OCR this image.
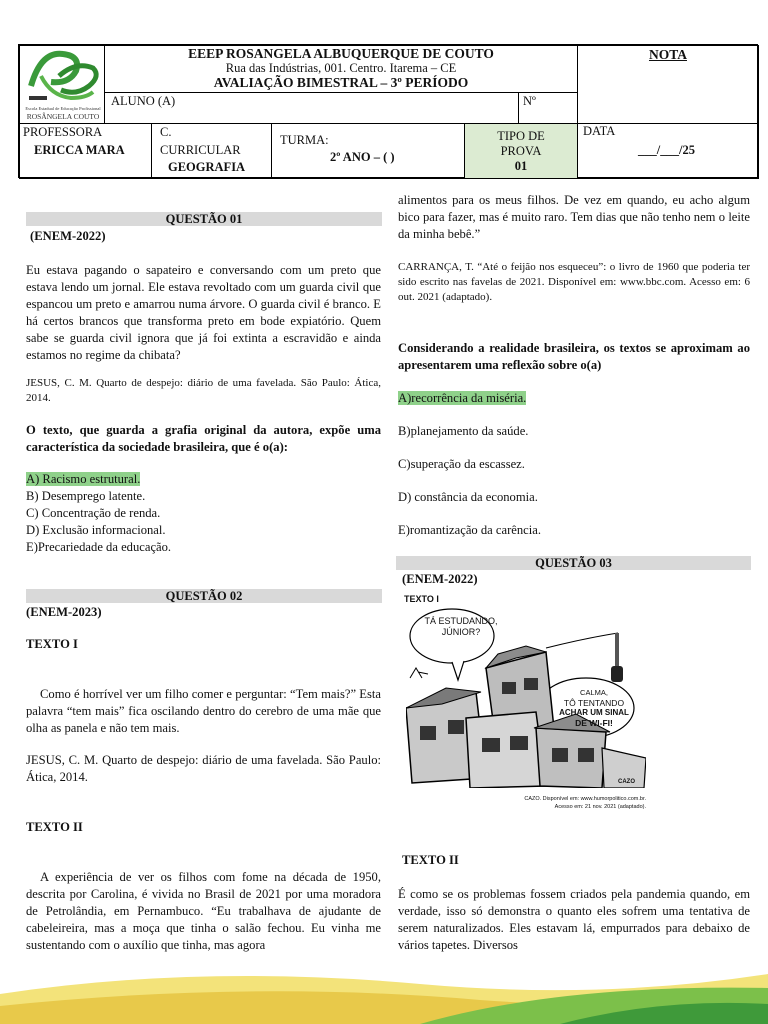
Escola Estadual de Educação Profissional
ROSÂNGELA COUTO
EEEP ROSANGELA ALBUQUERQUE DE COUTO
Rua das Indústrias, 001. Centro. Itarema – CE
AVALIAÇÃO BIMESTRAL – 3º PERÍODO
NOTA
ALUNO (A)	Nº
PROFESSORA
ERICCA MARA
C.
CURRICULAR
GEOGRAFIA
TURMA:
2º ANO – ( )
TIPO DE
PROVA
01
DATA
___/___/25
QUESTÃO 01
(ENEM-2022)
Eu estava pagando o sapateiro e conversando com um preto que estava lendo um jornal. Ele estava revoltado com um guarda civil que espancou um preto e amarrou numa árvore. O guarda civil é branco. E há certos brancos que transforma preto em bode expiatório. Quem sabe se guarda civil ignora que já foi extinta a escravidão e ainda estamos no regime da chibata?
JESUS, C. M. Quarto de despejo: diário de uma favelada. São Paulo: Ática, 2014.
O texto, que guarda a grafia original da autora, expõe uma característica da sociedade brasileira, que é o(a):
A) Racismo estrutural.
B) Desemprego latente.
C) Concentração de renda.
D) Exclusão informacional.
E)Precariedade da educação.
QUESTÃO 02
(ENEM-2023)
TEXTO I
Como é horrível ver um filho comer e perguntar: “Tem mais?” Esta palavra “tem mais” fica oscilando dentro do cerebro de uma mãe que olha as panela e não tem mais.
JESUS, C. M. Quarto de despejo: diário de uma favelada. São Paulo: Ática, 2014.
TEXTO II
A experiência de ver os filhos com fome na década de 1950, descrita por Carolina, é vivida no Brasil de 2021 por uma moradora de Petrolândia, em Pernambuco. “Eu trabalhava de ajudante de cabeleireira, mas a moça que tinha o salão fechou. Eu vinha me sustentando com o auxílio que tinha, mas agora
alimentos para os meus filhos. De vez em quando, eu acho algum bico para fazer, mas é muito raro. Tem dias que não tenho nem o leite da minha bebê.”
CARRANÇA, T. “Até o feijão nos esqueceu”: o livro de 1960 que poderia ter sido escrito nas favelas de 2021. Disponível em: www.bbc.com. Acesso em: 6 out. 2021 (adaptado).
Considerando a realidade brasileira, os textos se aproximam ao apresentarem uma reflexão sobre o(a)
A)recorrência da miséria.
B)planejamento da saúde.
C)superação da escassez.
D) constância da economia.
E)romantização da carência.
QUESTÃO 03
(ENEM-2022)
TEXTO I
TÁ ESTUDANDO, JÚNIOR?
CALMA,
TÔ TENTANDO
ACHAR UM SINAL
DE WI-FI!
CAZO
CAZO. Disponível em: www.humorpolitico.com.br.
Acesso em: 21 nov. 2021 (adaptado).
TEXTO II
É como se os problemas fossem criados pela pandemia quando, em verdade, isso só demonstra o quanto eles sofrem uma tentativa de serem naturalizados. Eles estavam lá, empurrados para debaixo de vários tapetes. Diversos
